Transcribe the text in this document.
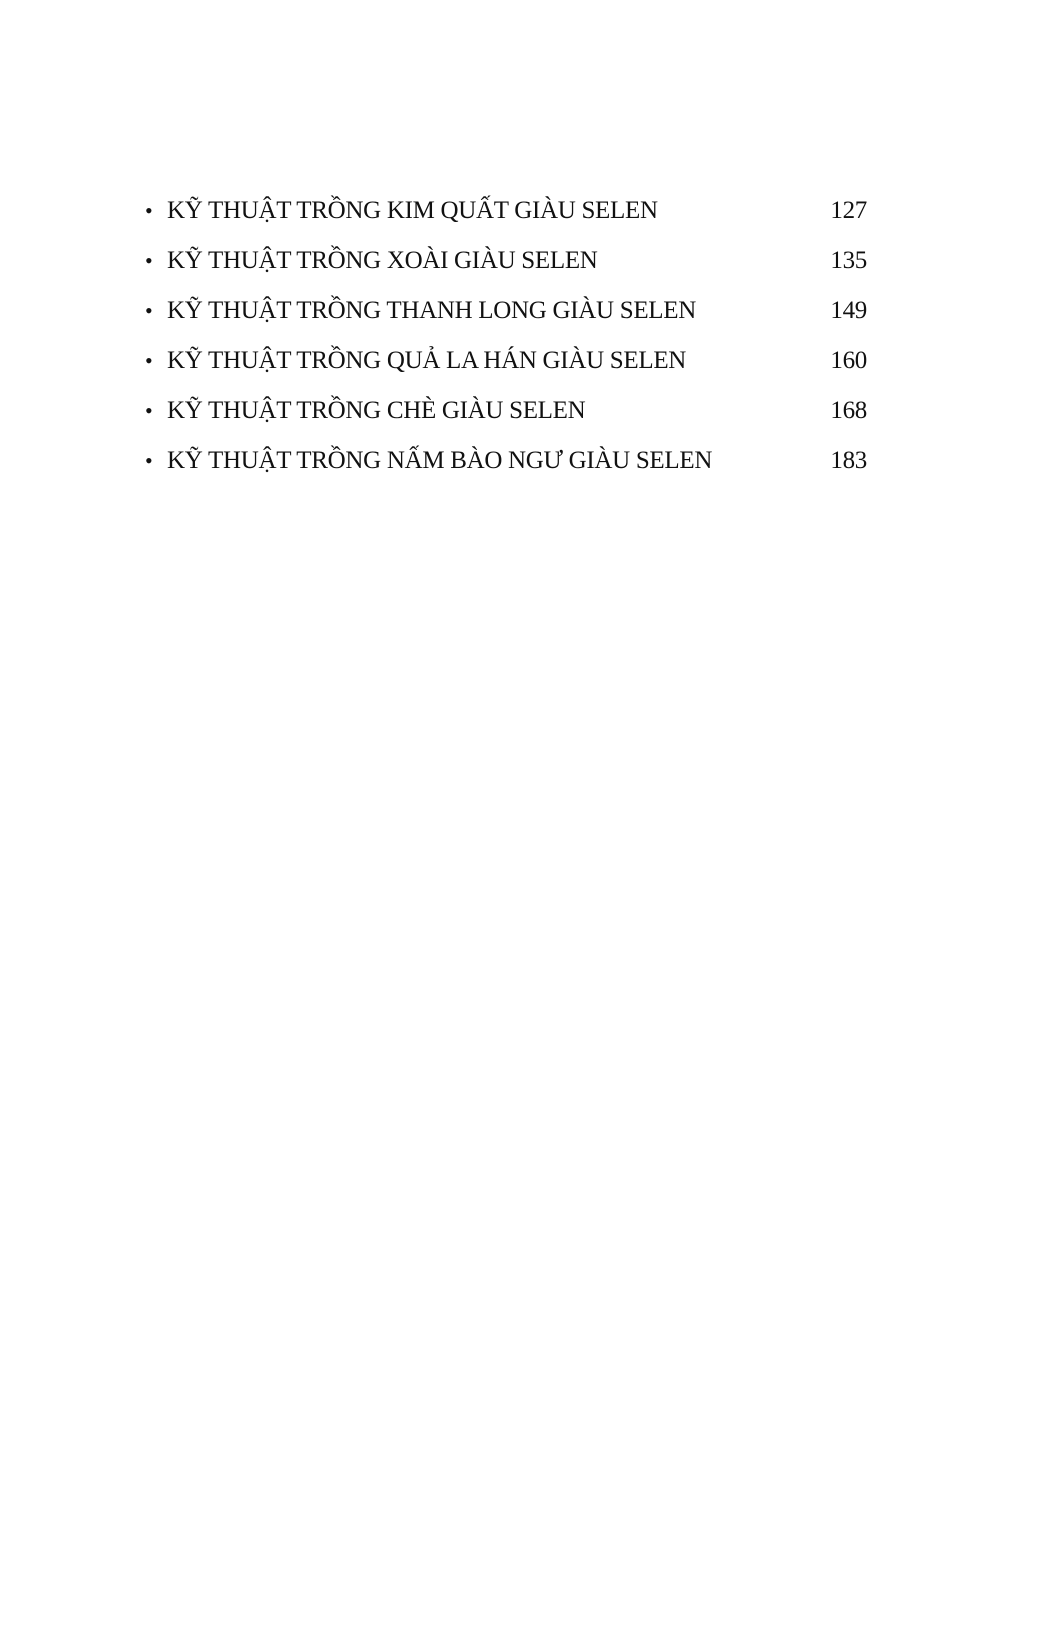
• KỸ THUẬT TRỒNG KIM QUẤT GIÀU SELEN	127
• KỸ THUẬT TRỒNG XOÀI GIÀU SELEN	135
• KỸ THUẬT TRỒNG THANH LONG GIÀU SELEN	149
• KỸ THUẬT TRỒNG QUẢ LA HÁN GIÀU SELEN	160
• KỸ THUẬT TRỒNG CHÈ GIÀU SELEN	168
• KỸ THUẬT TRỒNG NẤM BÀO NGƯ GIÀU SELEN	183
